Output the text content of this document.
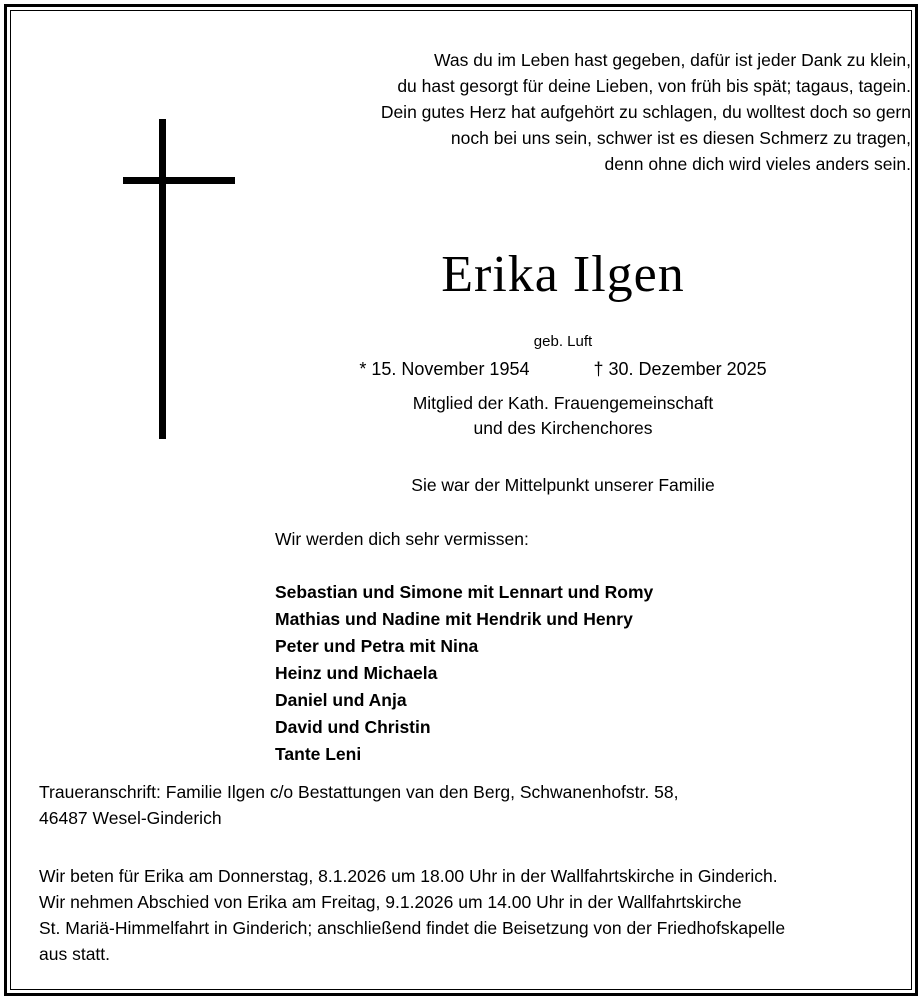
Was du im Leben hast gegeben, dafür ist jeder Dank zu klein,
du hast gesorgt für deine Lieben, von früh bis spät; tagaus, tagein.
Dein gutes Herz hat aufgehört zu schlagen, du wolltest doch so gern
noch bei uns sein, schwer ist es diesen Schmerz zu tragen,
denn ohne dich wird vieles anders sein.
Erika Ilgen
geb. Luft
* 15. November 1954	† 30. Dezember 2025
Mitglied der Kath. Frauengemeinschaft
und des Kirchenchores
Sie war der Mittelpunkt unserer Familie
Wir werden dich sehr vermissen:
Sebastian und Simone mit Lennart und Romy
Mathias und Nadine mit Hendrik und Henry
Peter und Petra mit Nina
Heinz und Michaela
Daniel und Anja
David und Christin
Tante Leni
Traueranschrift: Familie Ilgen c/o Bestattungen van den Berg, Schwanenhofstr. 58,
46487 Wesel-Ginderich
Wir beten für Erika am Donnerstag, 8.1.2026 um 18.00 Uhr in der Wallfahrtskirche in Ginderich.
Wir nehmen Abschied von Erika am Freitag, 9.1.2026 um 14.00 Uhr in der Wallfahrtskirche
St. Mariä-Himmelfahrt in Ginderich; anschließend findet die Beisetzung von der Friedhofskapelle
aus statt.
